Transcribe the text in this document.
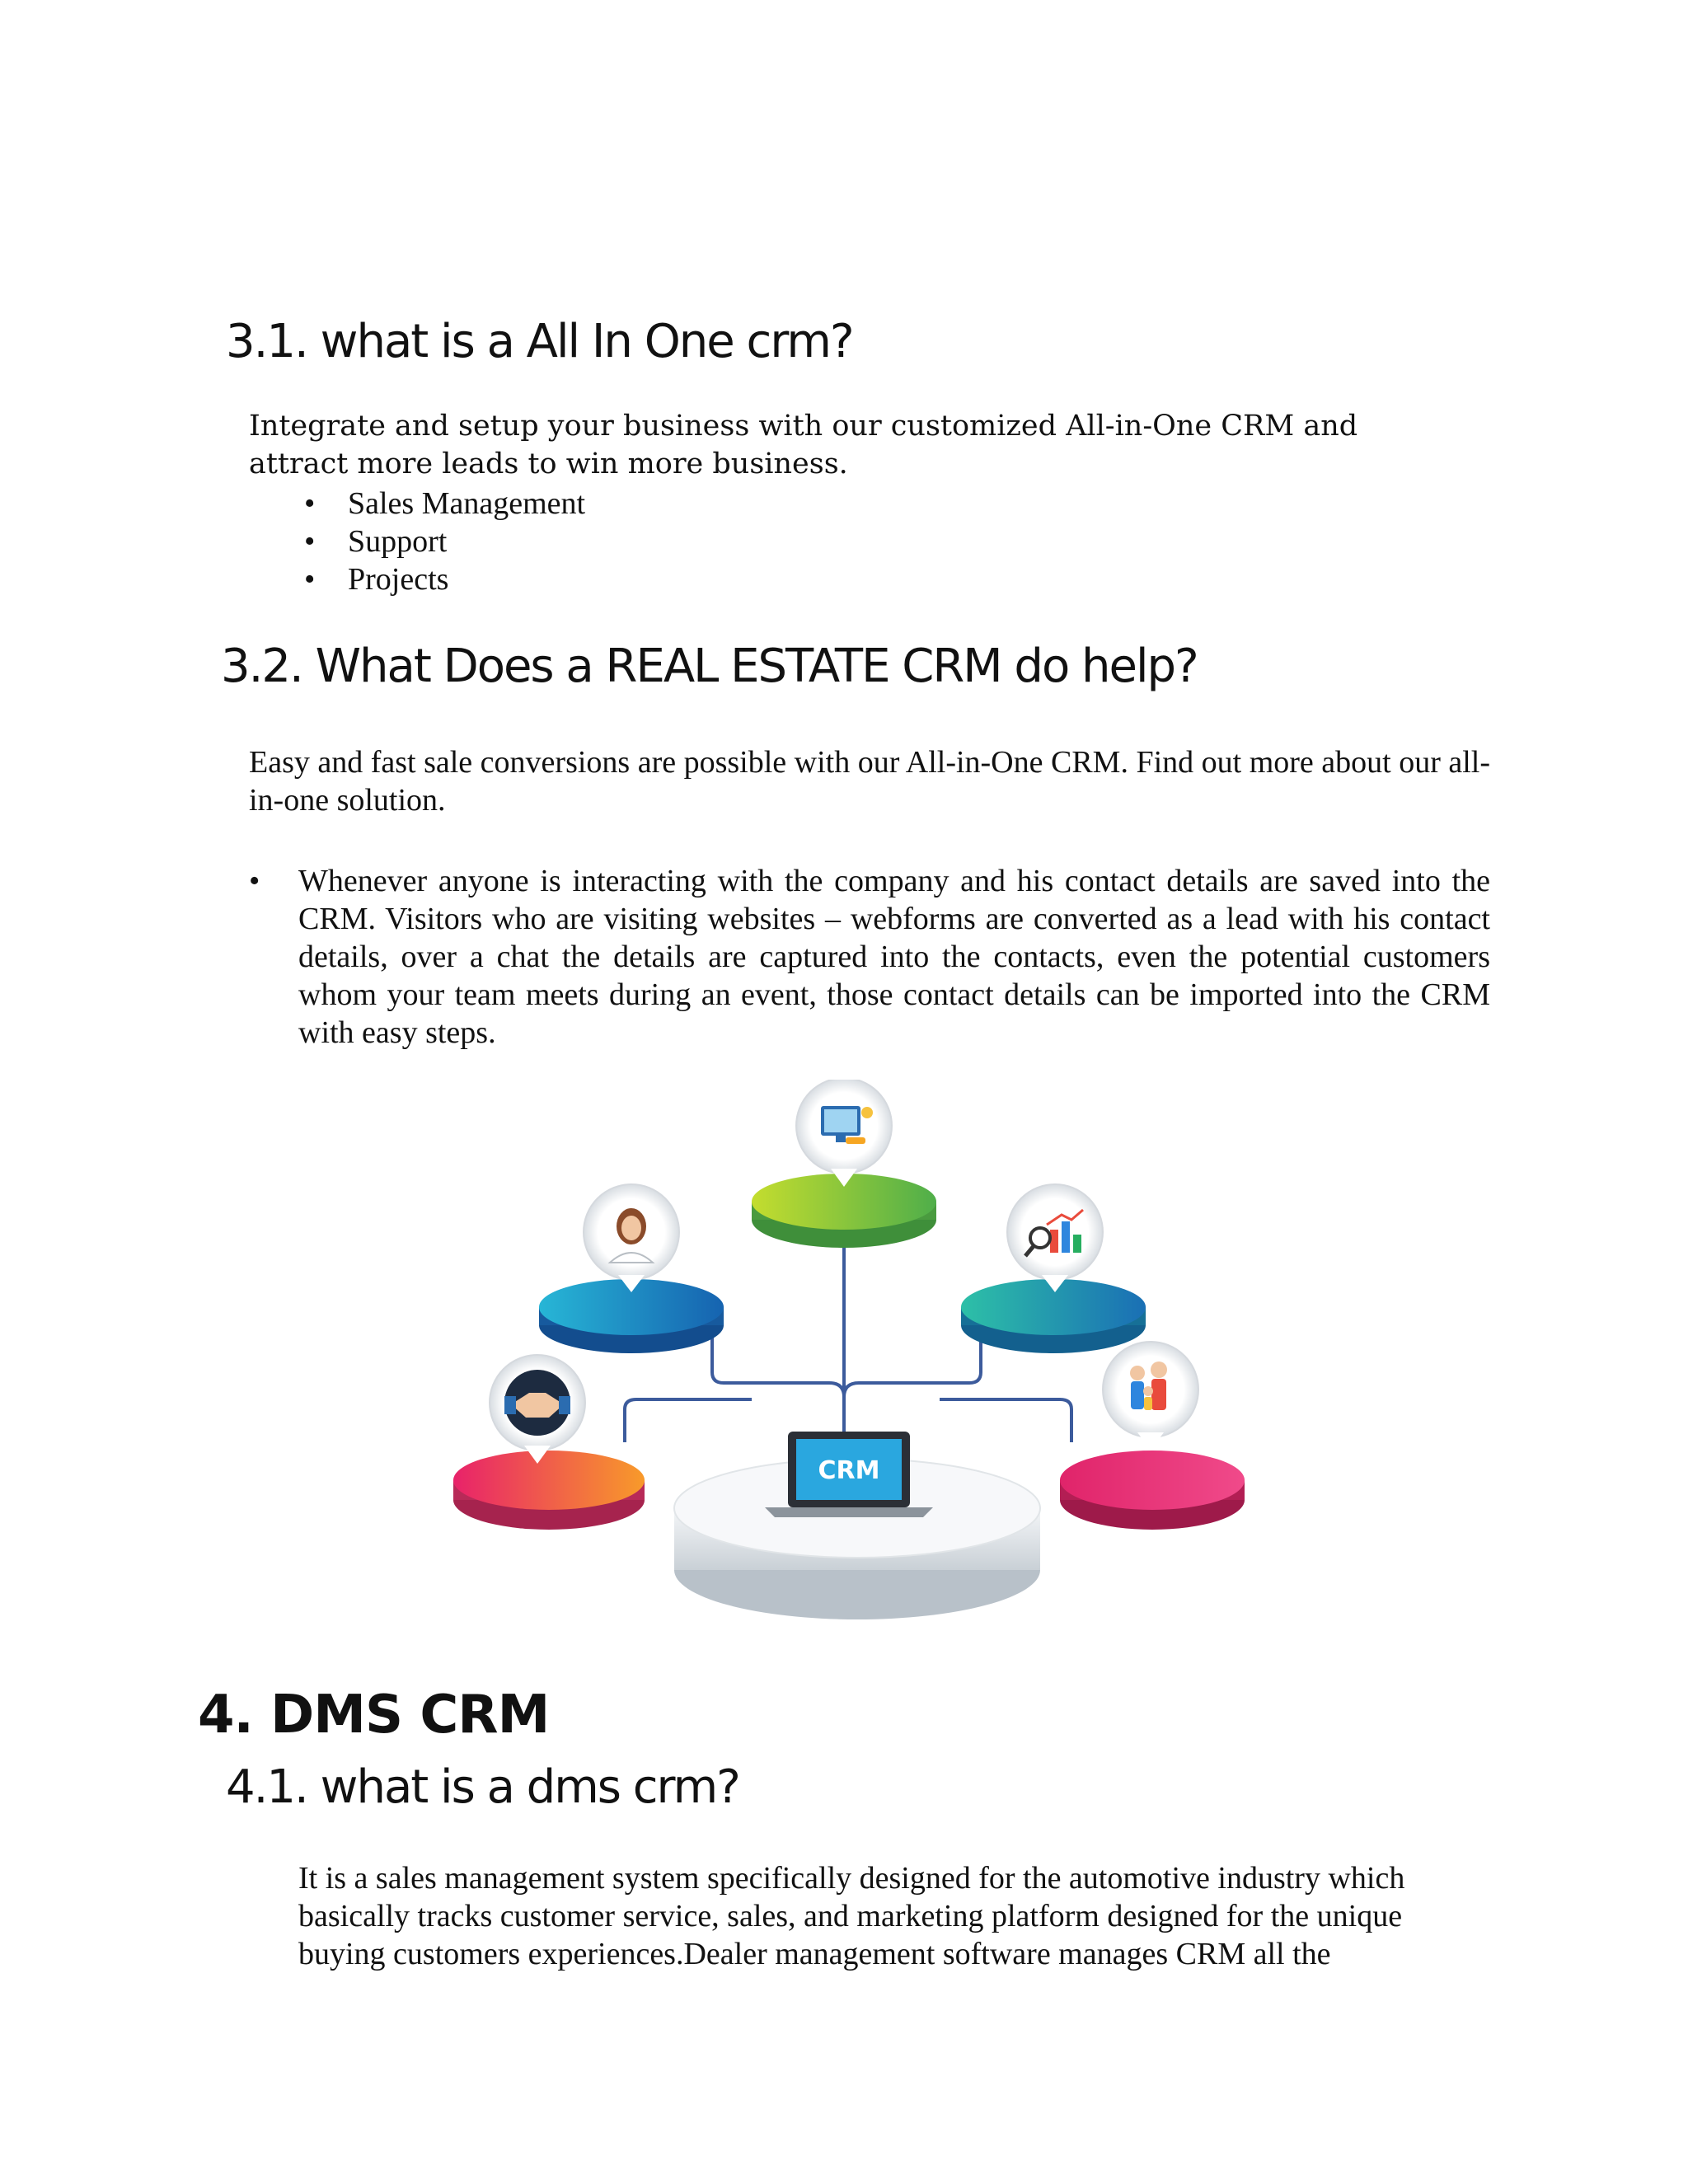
3.1. what is a All In One crm?
Integrate and setup your business with our customized All-in-One CRM and attract more leads to win more business.
• Sales Management
• Support
• Projects
3.2. What Does a REAL ESTATE CRM do help?
Easy and fast sale conversions are possible with our All-in-One CRM. Find out more about our all-in-one solution.
• Whenever anyone is interacting with the company and his contact details are saved into the CRM. Visitors who are visiting websites – webforms are converted as a lead with his contact details, over a chat the details are captured into the contacts, even the potential customers whom your team meets during an event, those contact details can be imported into the CRM with easy steps.
CRM
4. DMS CRM
4.1. what is a dms crm?
It is a sales management system specifically designed for the automotive industry which basically tracks customer service, sales, and marketing platform designed for the unique buying customers experiences.Dealer management software manages CRM all the
